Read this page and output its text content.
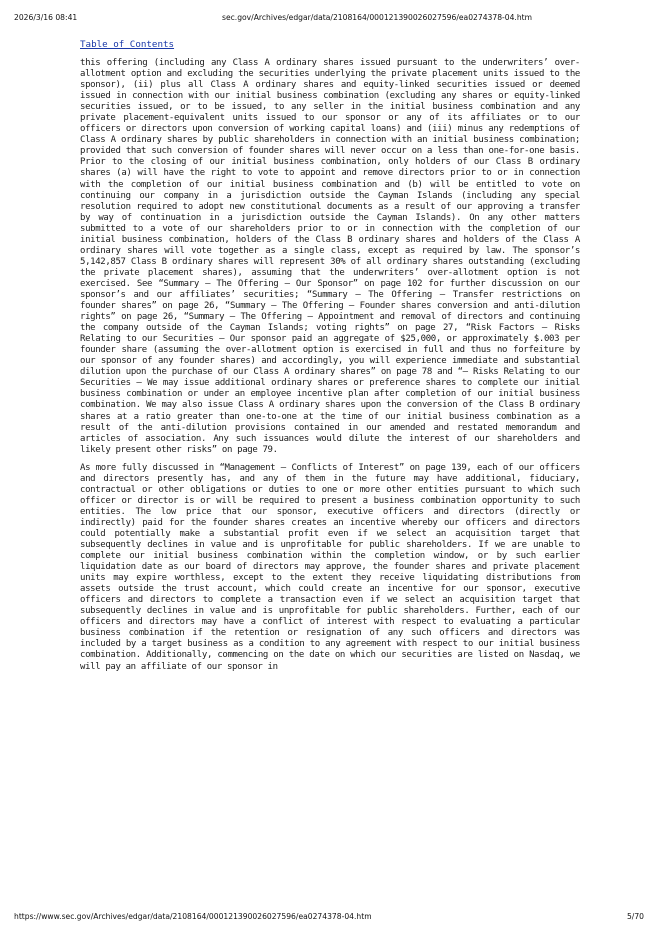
2026/3/16 08:41	sec.gov/Archives/edgar/data/2108164/000121390026027596/ea0274378-04.htm
Table of Contents

this offering (including any Class A ordinary shares issued pursuant to the underwriters’ over-allotment option and excluding the securities underlying the private placement units issued to the sponsor), (ii) plus all Class A ordinary shares and equity-linked securities issued or deemed issued in connection with our initial business combination (excluding any shares or equity-linked securities issued, or to be issued, to any seller in the initial business combination and any private placement-equivalent units issued to our sponsor or any of its affiliates or to our officers or directors upon conversion of working capital loans) and (iii) minus any redemptions of Class A ordinary shares by public shareholders in connection with an initial business combination; provided that such conversion of founder shares will never occur on a less than one-for-one basis. Prior to the closing of our initial business combination, only holders of our Class B ordinary shares (a) will have the right to vote to appoint and remove directors prior to or in connection with the completion of our initial business combination and (b) will be entitled to vote on continuing our company in a jurisdiction outside the Cayman Islands (including any special resolution required to adopt new constitutional documents as a result of our approving a transfer by way of continuation in a jurisdiction outside the Cayman Islands). On any other matters submitted to a vote of our shareholders prior to or in connection with the completion of our initial business combination, holders of the Class B ordinary shares and holders of the Class A ordinary shares will vote together as a single class, except as required by law. The sponsor’s 5,142,857 Class B ordinary shares will represent 30% of all ordinary shares outstanding (excluding the private placement shares), assuming that the underwriters’ over-allotment option is not exercised. See “Summary — The Offering — Our Sponsor” on page 102 for further discussion on our sponsor’s and our affiliates’ securities; “Summary — The Offering — Transfer restrictions on founder shares” on page 26, “Summary — The Offering — Founder shares conversion and anti-dilution rights” on page 26, “Summary — The Offering — Appointment and removal of directors and continuing the company outside of the Cayman Islands; voting rights” on page 27, “Risk Factors — Risks Relating to our Securities — Our sponsor paid an aggregate of $25,000, or approximately $.003 per founder share (assuming the over-allotment option is exercised in full and thus no forfeiture by our sponsor of any founder shares) and accordingly, you will experience immediate and substantial dilution upon the purchase of our Class A ordinary shares” on page 78 and “— Risks Relating to our Securities — We may issue additional ordinary shares or preference shares to complete our initial business combination or under an employee incentive plan after completion of our initial business combination. We may also issue Class A ordinary shares upon the conversion of the Class B ordinary shares at a ratio greater than one-to-one at the time of our initial business combination as a result of the anti-dilution provisions contained in our amended and restated memorandum and articles of association. Any such issuances would dilute the interest of our shareholders and likely present other risks” on page 79.

As more fully discussed in “Management — Conflicts of Interest” on page 139, each of our officers and directors presently has, and any of them in the future may have additional, fiduciary, contractual or other obligations or duties to one or more other entities pursuant to which such officer or director is or will be required to present a business combination opportunity to such entities. The low price that our sponsor, executive officers and directors (directly or indirectly) paid for the founder shares creates an incentive whereby our officers and directors could potentially make a substantial profit even if we select an acquisition target that subsequently declines in value and is unprofitable for public shareholders. If we are unable to complete our initial business combination within the completion window, or by such earlier liquidation date as our board of directors may approve, the founder shares and private placement units may expire worthless, except to the extent they receive liquidating distributions from assets outside the trust account, which could create an incentive for our sponsor, executive officers and directors to complete a transaction even if we select an acquisition target that subsequently declines in value and is unprofitable for public shareholders. Further, each of our officers and directors may have a conflict of interest with respect to evaluating a particular business combination if the retention or resignation of any such officers and directors was included by a target business as a condition to any agreement with respect to our initial business combination. Additionally, commencing on the date on which our securities are listed on Nasdaq, we will pay an affiliate of our sponsor in

https://www.sec.gov/Archives/edgar/data/2108164/000121390026027596/ea0274378-04.htm	5/70
